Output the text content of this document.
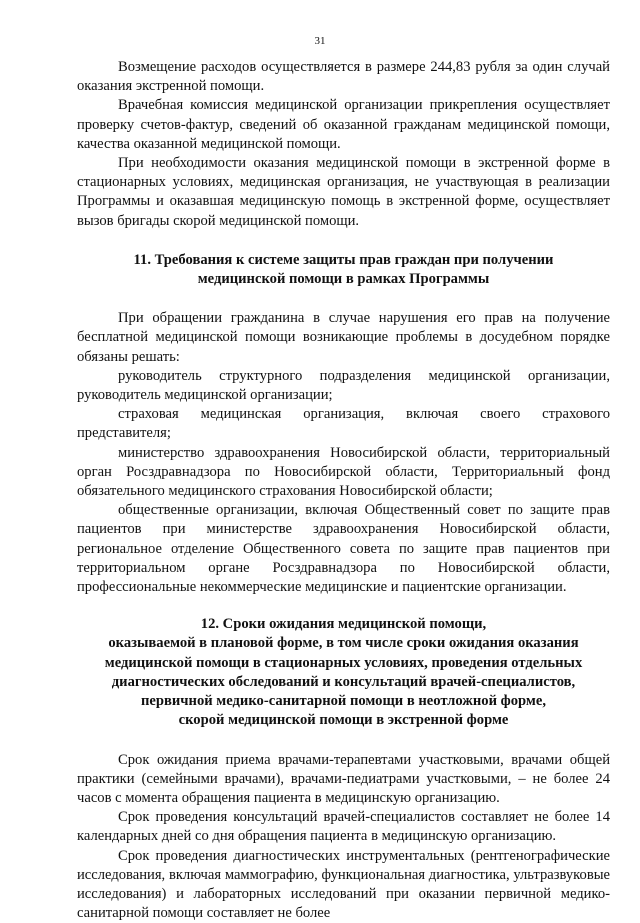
31

Возмещение расходов осуществляется в размере 244,83 рубля за один случай оказания экстренной помощи.

Врачебная комиссия медицинской организации прикрепления осуществляет проверку счетов-фактур, сведений об оказанной гражданам медицинской помощи, качества оказанной медицинской помощи.

При необходимости оказания медицинской помощи в экстренной форме в стационарных условиях, медицинская организация, не участвующая в реализации Программы и оказавшая медицинскую помощь в экстренной форме, осуществляет вызов бригады скорой медицинской помощи.

11. Требования к системе защиты прав граждан при получении
медицинской помощи в рамках Программы

При обращении гражданина в случае нарушения его прав на получение бесплатной медицинской помощи возникающие проблемы в досудебном порядке обязаны решать:

руководитель структурного подразделения медицинской организации, руководитель медицинской организации;

страховая медицинская организация, включая своего страхового представителя;

министерство здравоохранения Новосибирской области, территориальный орган Росздравнадзора по Новосибирской области, Территориальный фонд обязательного медицинского страхования Новосибирской области;

общественные организации, включая Общественный совет по защите прав пациентов при министерстве здравоохранения Новосибирской области, региональное отделение Общественного совета по защите прав пациентов при территориальном органе Росздравнадзора по Новосибирской области, профессиональные некоммерческие медицинские и пациентские организации.

12. Сроки ожидания медицинской помощи,
оказываемой в плановой форме, в том числе сроки ожидания оказания
медицинской помощи в стационарных условиях, проведения отдельных
диагностических обследований и консультаций врачей-специалистов,
первичной медико-санитарной помощи в неотложной форме,
скорой медицинской помощи в экстренной форме

Срок ожидания приема врачами-терапевтами участковыми, врачами общей практики (семейными врачами), врачами-педиатрами участковыми, – не более 24 часов с момента обращения пациента в медицинскую организацию.

Срок проведения консультаций врачей-специалистов составляет не более 14 календарных дней со дня обращения пациента в медицинскую организацию.

Срок проведения диагностических инструментальных (рентгенографические исследования, включая маммографию, функциональная диагностика, ультразвуковые исследования) и лабораторных исследований при оказании первичной медико-санитарной помощи составляет не более
